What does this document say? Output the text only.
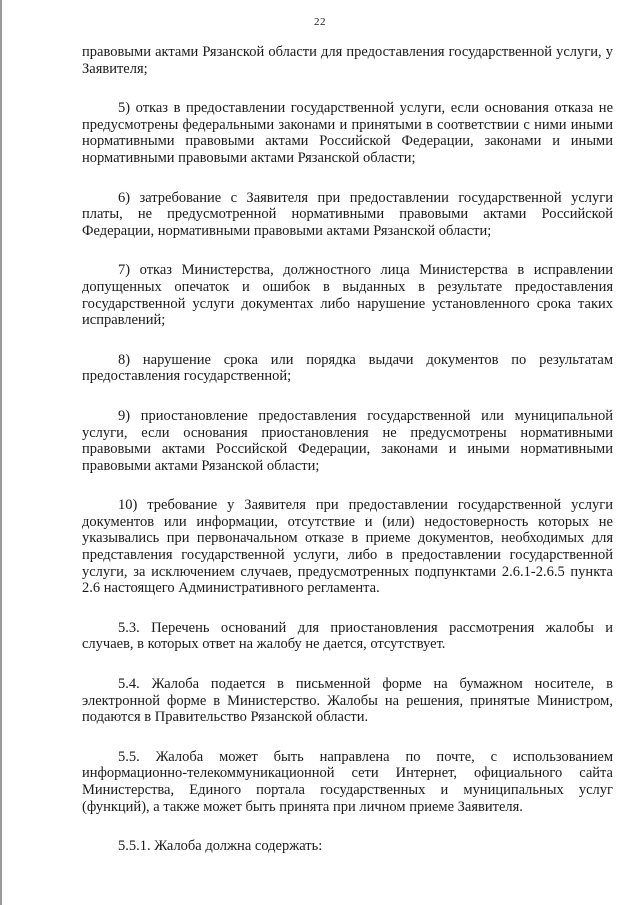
22

правовыми актами Рязанской области для предоставления государственной услуги, у Заявителя;

5) отказ в предоставлении государственной услуги, если основания отказа не предусмотрены федеральными законами и принятыми в соответствии с ними иными нормативными правовыми актами Российской Федерации, законами и иными нормативными правовыми актами Рязанской области;

6) затребование с Заявителя при предоставлении государственной услуги платы, не предусмотренной нормативными правовыми актами Российской Федерации, нормативными правовыми актами Рязанской области;

7) отказ Министерства, должностного лица Министерства в исправлении допущенных опечаток и ошибок в выданных в результате предоставления государственной услуги документах либо нарушение установленного срока таких исправлений;

8) нарушение срока или порядка выдачи документов по результатам предоставления государственной;

9) приостановление предоставления государственной или муниципальной услуги, если основания приостановления не предусмотрены нормативными правовыми актами Российской Федерации, законами и иными нормативными правовыми актами Рязанской области;

10) требование у Заявителя при предоставлении государственной услуги документов или информации, отсутствие и (или) недостоверность которых не указывались при первоначальном отказе в приеме документов, необходимых для представления государственной услуги, либо в предоставлении государственной услуги, за исключением случаев, предусмотренных подпунктами 2.6.1-2.6.5 пункта 2.6 настоящего Административного регламента.

5.3. Перечень оснований для приостановления рассмотрения жалобы и случаев, в которых ответ на жалобу не дается, отсутствует.

5.4. Жалоба подается в письменной форме на бумажном носителе, в электронной форме в Министерство. Жалобы на решения, принятые Министром, подаются в Правительство Рязанской области.

5.5. Жалоба может быть направлена по почте, с использованием информационно-телекоммуникационной сети Интернет, официального сайта Министерства, Единого портала государственных и муниципальных услуг (функций), а также может быть принята при личном приеме Заявителя.

5.5.1. Жалоба должна содержать:
